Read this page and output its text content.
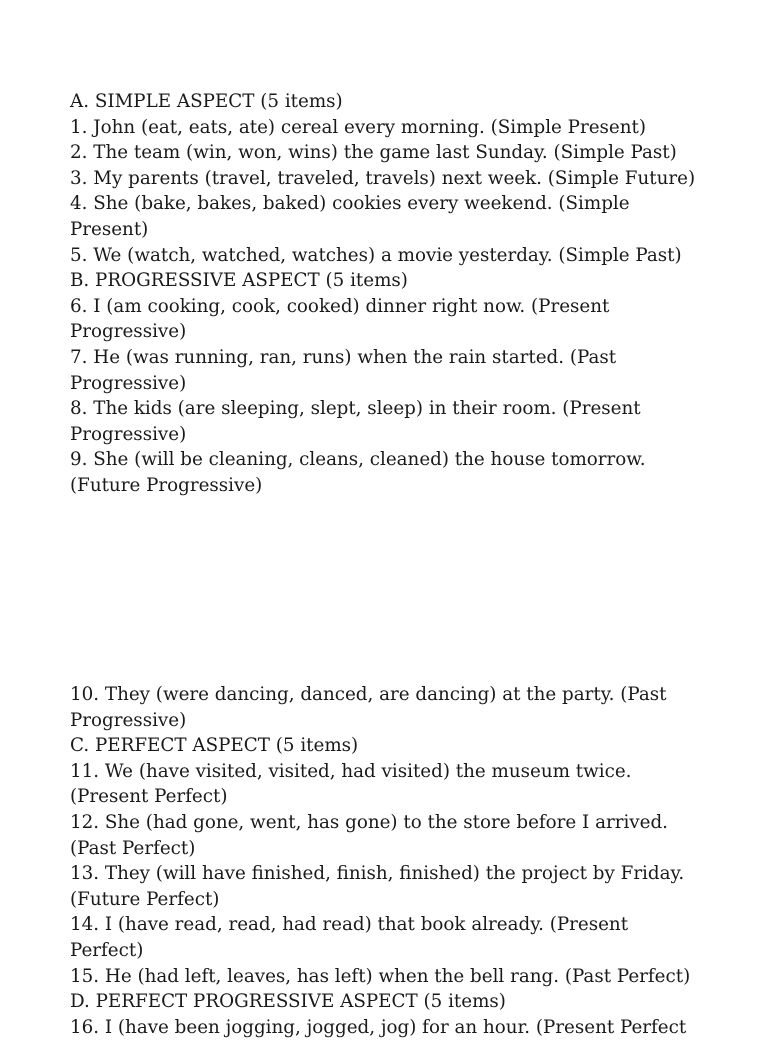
A. SIMPLE ASPECT (5 items)
1. John (eat, eats, ate) cereal every morning. (Simple Present)
2. The team (win, won, wins) the game last Sunday. (Simple Past)
3. My parents (travel, traveled, travels) next week. (Simple Future)
4. She (bake, bakes, baked) cookies every weekend. (Simple
Present)
5. We (watch, watched, watches) a movie yesterday. (Simple Past)
B. PROGRESSIVE ASPECT (5 items)
6. I (am cooking, cook, cooked) dinner right now. (Present
Progressive)
7. He (was running, ran, runs) when the rain started. (Past
Progressive)
8. The kids (are sleeping, slept, sleep) in their room. (Present
Progressive)
9. She (will be cleaning, cleans, cleaned) the house tomorrow.
(Future Progressive)
10. They (were dancing, danced, are dancing) at the party. (Past
Progressive)
C. PERFECT ASPECT (5 items)
11. We (have visited, visited, had visited) the museum twice.
(Present Perfect)
12. She (had gone, went, has gone) to the store before I arrived.
(Past Perfect)
13. They (will have finished, finish, finished) the project by Friday.
(Future Perfect)
14. I (have read, read, had read) that book already. (Present
Perfect)
15. He (had left, leaves, has left) when the bell rang. (Past Perfect)
D. PERFECT PROGRESSIVE ASPECT (5 items)
16. I (have been jogging, jogged, jog) for an hour. (Present Perfect
